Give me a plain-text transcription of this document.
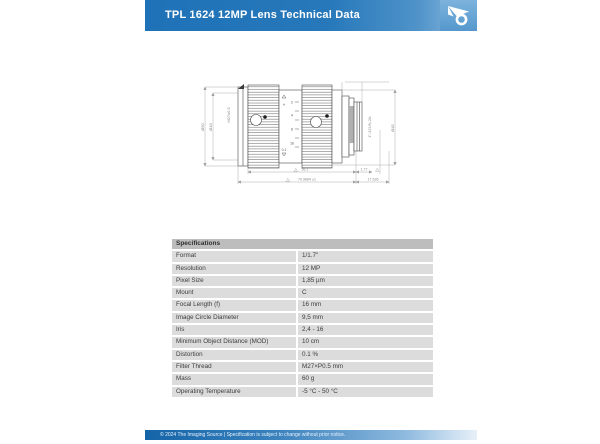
TPL 1624 12MP Lens Technical Data
∞
0.1
2
4
8
16
Ø50 Ø43
M27x0.5
1"-32UN-2A	Ø45
56.1	1.77
70.9684 ±1	17.526
Specifications
Format	1/1.7"
Resolution	12 MP
Pixel Size	1,85 µm
Mount	C
Focal Length (f)	16 mm
Image Circle Diameter	9,5 mm
Iris	2,4 - 16
Minimum Object Distance (MOD)	10 cm
Distortion	0.1 %
Filter Thread	M27×P0.5 mm
Mass	60 g
Operating Temperature	-5 °C - 50 °C
© 2024 The Imaging Source | Specification is subject to change without prior notice.
